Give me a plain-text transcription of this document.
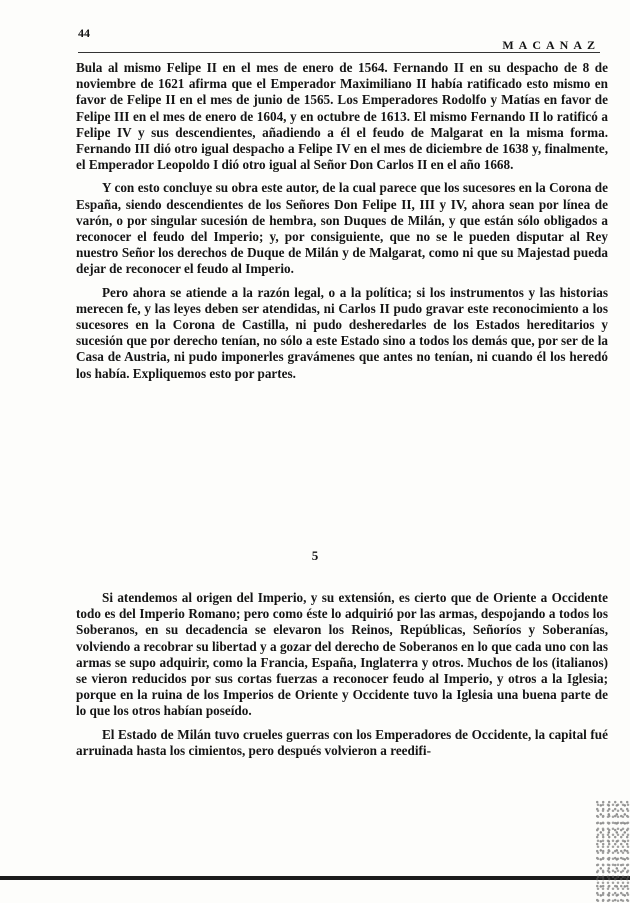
44
MACANAZ

Bula al mismo Felipe II en el mes de enero de 1564. Fernando II en su despacho de 8 de noviembre de 1621 afirma que el Emperador Maximiliano II había ratificado esto mismo en favor de Felipe II en el mes de junio de 1565. Los Emperadores Rodolfo y Matías en favor de Felipe III en el mes de enero de 1604, y en octubre de 1613. El mismo Fernando II lo ratificó a Felipe IV y sus descendientes, añadiendo a él el feudo de Malgarat en la misma forma. Fernando III dió otro igual despacho a Felipe IV en el mes de diciembre de 1638 y, finalmente, el Emperador Leopoldo I dió otro igual al Señor Don Carlos II en el año 1668.

Y con esto concluye su obra este autor, de la cual parece que los sucesores en la Corona de España, siendo descendientes de los Señores Don Felipe II, III y IV, ahora sean por línea de varón, o por singular sucesión de hembra, son Duques de Milán, y que están sólo obligados a reconocer el feudo del Imperio; y, por consiguiente, que no se le pueden disputar al Rey nuestro Señor los derechos de Duque de Milán y de Malgarat, como ni que su Majestad pueda dejar de reconocer el feudo al Imperio.

Pero ahora se atiende a la razón legal, o a la política; si los instrumentos y las historias merecen fe, y las leyes deben ser atendidas, ni Carlos II pudo gravar este reconocimiento a los sucesores en la Corona de Castilla, ni pudo desheredarles de los Estados hereditarios y sucesión que por derecho tenían, no sólo a este Estado sino a todos los demás que, por ser de la Casa de Austria, ni pudo imponerles gravámenes que antes no tenían, ni cuando él los heredó los había. Expliquemos esto por partes.

5

Si atendemos al origen del Imperio, y su extensión, es cierto que de Oriente a Occidente todo es del Imperio Romano; pero como éste lo adquirió por las armas, despojando a todos los Soberanos, en su decadencia se elevaron los Reinos, Repúblicas, Señoríos y Soberanías, volviendo a recobrar su libertad y a gozar del derecho de Soberanos en lo que cada uno con las armas se supo adquirir, como la Francia, España, Inglaterra y otros. Muchos de los (italianos) se vieron reducidos por sus cortas fuerzas a reconocer feudo al Imperio, y otros a la Iglesia; porque en la ruina de los Imperios de Oriente y Occidente tuvo la Iglesia una buena parte de lo que los otros habían poseído.

El Estado de Milán tuvo crueles guerras con los Emperadores de Occidente, la capital fué arruinada hasta los cimientos, pero después volvieron a reedifi-
